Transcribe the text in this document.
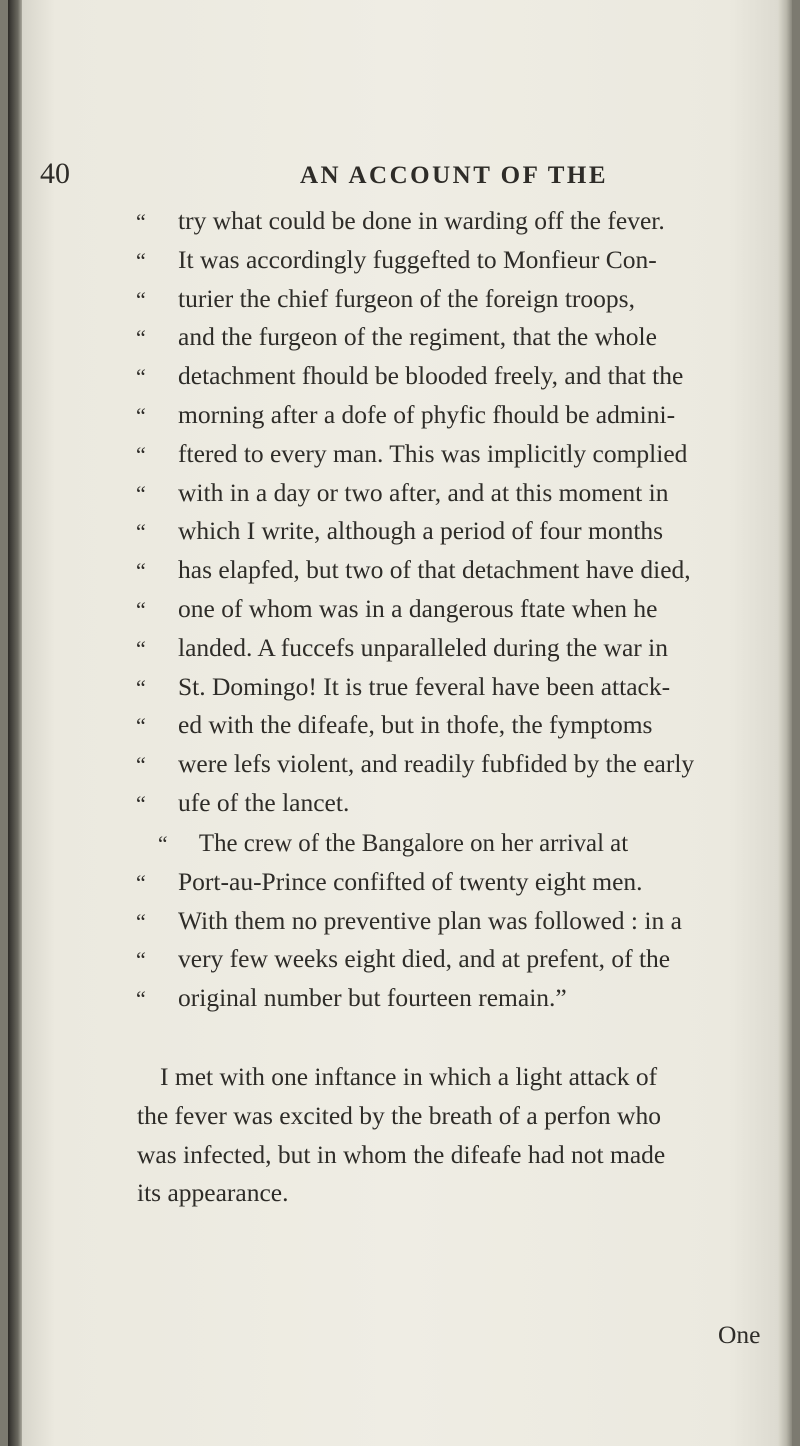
40	AN ACCOUNT OF THE
“ try what could be done in warding off the fever.
“ It was accordingly fuggefted to Monfieur Con-
“ turier the chief furgeon of the foreign troops,
“ and the furgeon of the regiment, that the whole
“ detachment fhould be blooded freely, and that the
“ morning after a dofe of phyfic fhould be admini-
“ ftered to every man. This was implicitly complied
“ with in a day or two after, and at this moment in
“ which I write, although a period of four months
“ has elapfed, but two of that detachment have died,
“ one of whom was in a dangerous ftate when he
“ landed. A fuccefs unparalleled during the war in
“ St. Domingo! It is true feveral have been attack-
“ ed with the difeafe, but in thofe, the fymptoms
“ were lefs violent, and readily fubfided by the early
“ ufe of the lancet.
“ The crew of the Bangalore on her arrival at
“ Port-au-Prince confifted of twenty eight men.
“ With them no preventive plan was followed : in a
“ very few weeks eight died, and at prefent, of the
“ original number but fourteen remain.”
I met with one inftance in which a light attack of
the fever was excited by the breath of a perfon who
was infected, but in whom the difeafe had not made
its appearance.
One
